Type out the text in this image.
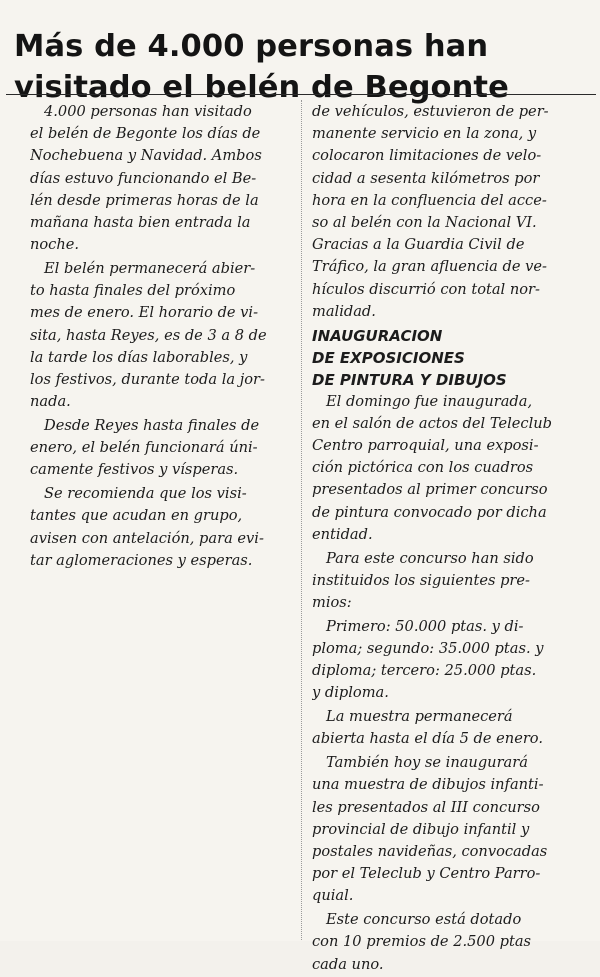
Más de 4.000 personas han
visitado el belén de Begonte
4.000 personas han visitado
el belén de Begonte los días de
Nochebuena y Navidad. Ambos
días estuvo funcionando el Be-
lén desde primeras horas de la
mañana hasta bien entrada la
noche.
El belén permanecerá abier-
to hasta finales del próximo
mes de enero. El horario de vi-
sita, hasta Reyes, es de 3 a 8 de
la tarde los días laborables, y
los festivos, durante toda la jor-
nada.
Desde Reyes hasta finales de
enero, el belén funcionará úni-
camente festivos y vísperas.
Se recomienda que los visi-
tantes que acudan en grupo,
avisen con antelación, para evi-
tar aglomeraciones y esperas.
de vehículos, estuvieron de per-
manente servicio en la zona, y
colocaron limitaciones de velo-
cidad a sesenta kilómetros por
hora en la confluencia del acce-
so al belén con la Nacional VI.
Gracias a la Guardia Civil de
Tráfico, la gran afluencia de ve-
hículos discurrió con total nor-
malidad.
INAUGURACION
DE EXPOSICIONES
DE PINTURA Y DIBUJOS
El domingo fue inaugurada,
en el salón de actos del Teleclub
Centro parroquial, una exposi-
ción pictórica con los cuadros
presentados al primer concurso
de pintura convocado por dicha
entidad.
Para este concurso han sido
instituidos los siguientes pre-
mios:
Primero: 50.000 ptas. y di-
ploma; segundo: 35.000 ptas. y
diploma; tercero: 25.000 ptas.
y diploma.
La muestra permanecerá
abierta hasta el día 5 de enero.
También hoy se inaugurará
una muestra de dibujos infanti-
les presentados al III concurso
provincial de dibujo infantil y
postales navideñas, convocadas
por el Teleclub y Centro Parro-
quial.
Este concurso está dotado
con 10 premios de 2.500 ptas
cada uno.
